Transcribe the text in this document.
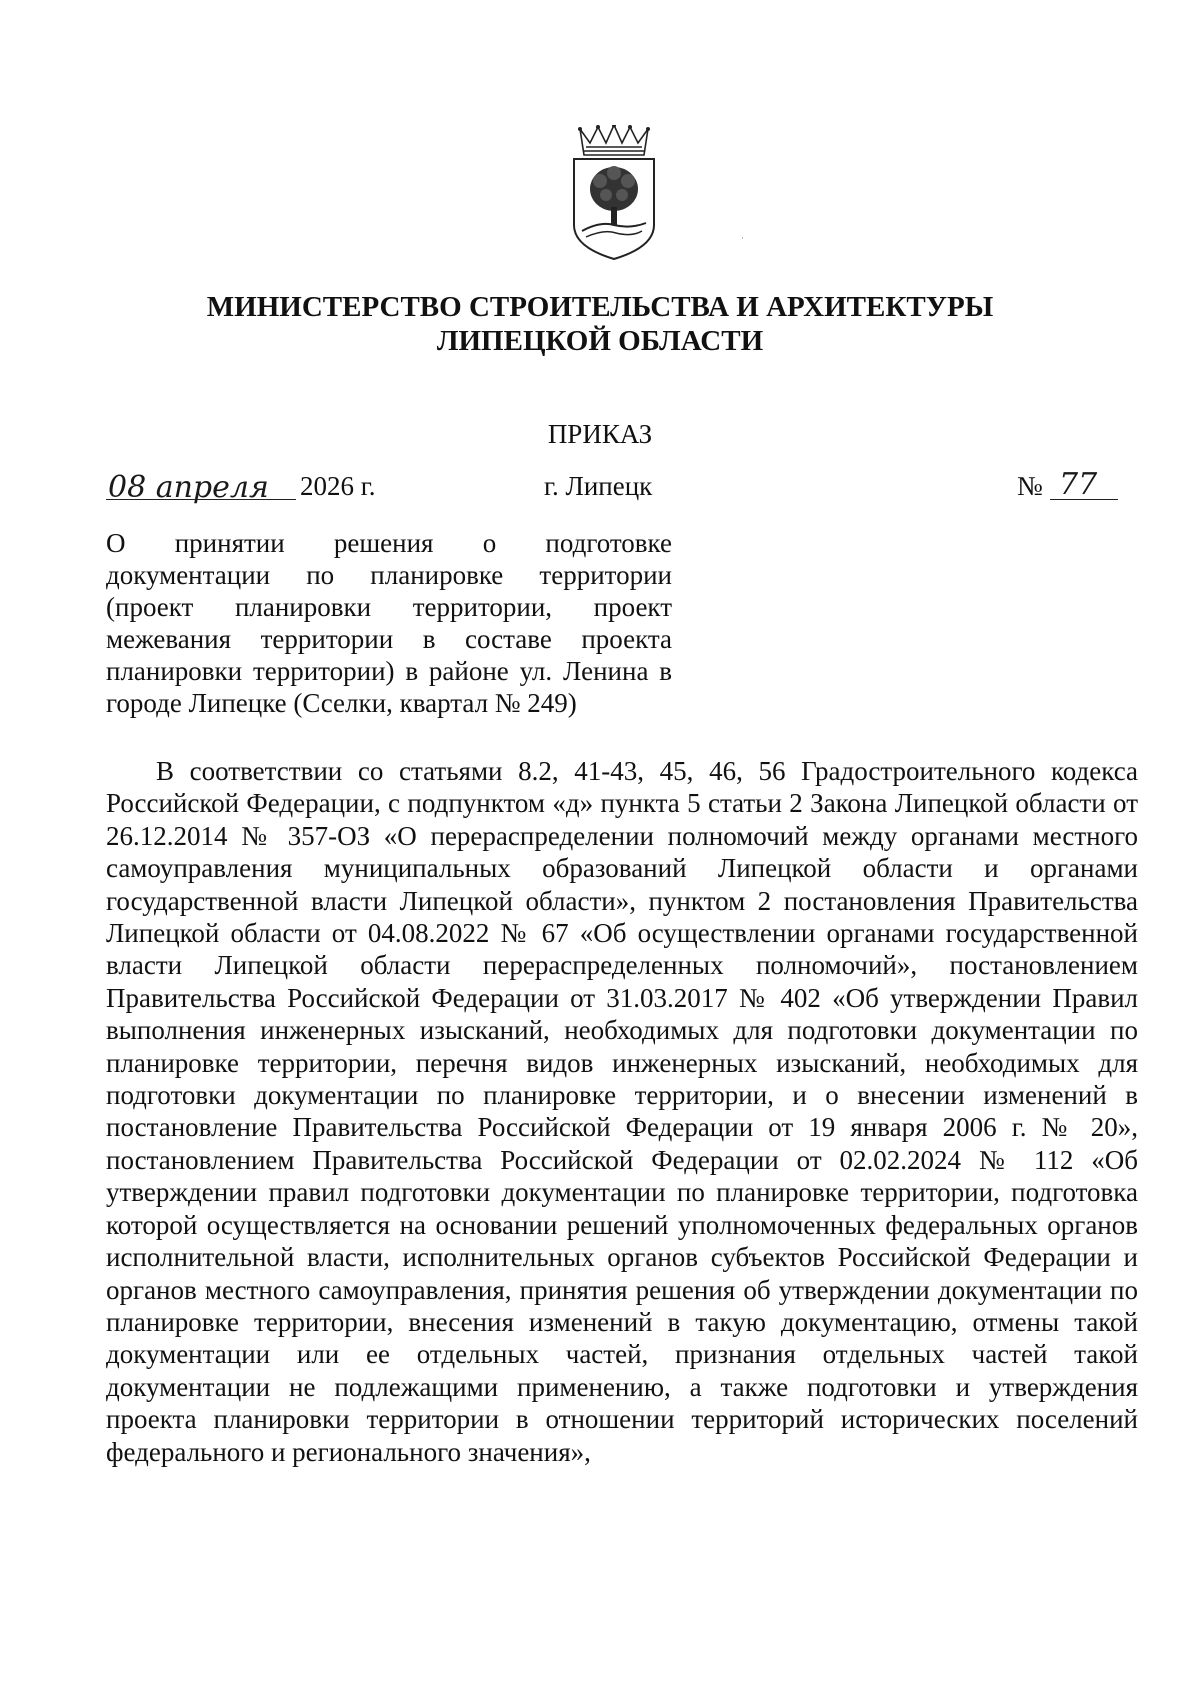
МИНИСТЕРСТВО СТРОИТЕЛЬСТВА И АРХИТЕКТУРЫ
ЛИПЕЦКОЙ ОБЛАСТИ
ПРИКАЗ
08 апреля 2026 г.	г. Липецк	№ 77
О принятии решения о подготовке документации по планировке территории (проект планировки территории, проект межевания территории в составе проекта планировки территории) в районе ул. Ленина в городе Липецке (Сселки, квартал № 249)

В соответствии со статьями 8.2, 41-43, 45, 46, 56 Градостроительного кодекса Российской Федерации, с подпунктом «д» пункта 5 статьи 2 Закона Липецкой области от 26.12.2014 № 357-ОЗ «О перераспределении полномочий между органами местного самоуправления муниципальных образований Липецкой области и органами государственной власти Липецкой области», пунктом 2 постановления Правительства Липецкой области от 04.08.2022 № 67 «Об осуществлении органами государственной власти Липецкой области перераспределенных полномочий», постановлением Правительства Российской Федерации от 31.03.2017 № 402 «Об утверждении Правил выполнения инженерных изысканий, необходимых для подготовки документации по планировке территории, перечня видов инженерных изысканий, необходимых для подготовки документации по планировке территории, и о внесении изменений в постановление Правительства Российской Федерации от 19 января 2006 г. № 20», постановлением Правительства Российской Федерации от 02.02.2024 № 112 «Об утверждении правил подготовки документации по планировке территории, подготовка которой осуществляется на основании решений уполномоченных федеральных органов исполнительной власти, исполнительных органов субъектов Российской Федерации и органов местного самоуправления, принятия решения об утверждении документации по планировке территории, внесения изменений в такую документацию, отмены такой документации или ее отдельных частей, признания отдельных частей такой документации не подлежащими применению, а также подготовки и утверждения проекта планировки территории в отношении территорий исторических поселений федерального и регионального значения»,
